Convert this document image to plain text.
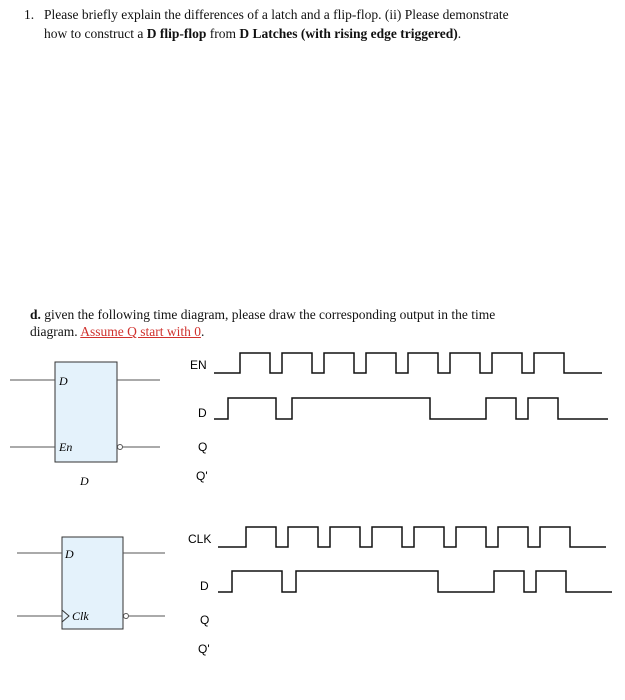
1. Please briefly explain the differences of a latch and a flip-flop. (ii) Please demonstrate
how to construct a D flip-flop from D Latches (with rising edge triggered).
d. given the following time diagram, please draw the corresponding output in the time
diagram. Assume Q start with 0.
D
En
D
D
Clk
EN
D
Q
Q'
CLK
D
Q
Q'
